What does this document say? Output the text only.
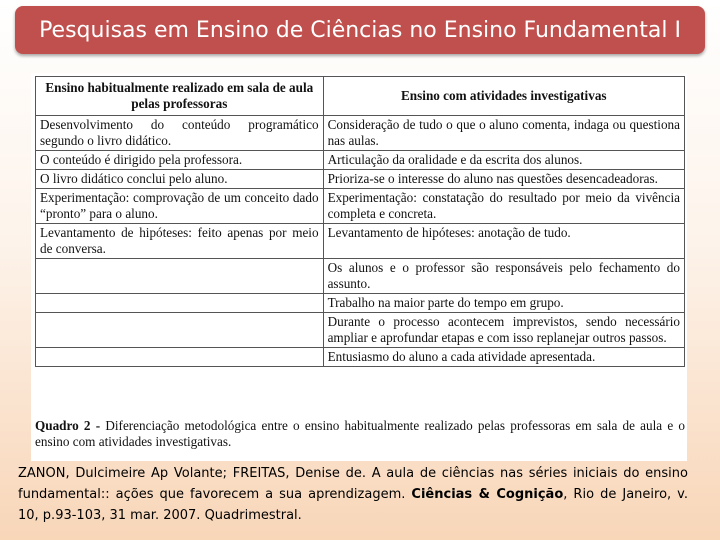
Pesquisas em Ensino de Ciências no Ensino Fundamental I
Ensino habitualmente realizado em sala de aula pelas professoras	Ensino com atividades investigativas
Desenvolvimento do conteúdo programático segundo o livro didático.	Consideração de tudo o que o aluno comenta, indaga ou questiona nas aulas.
O conteúdo é dirigido pela professora.	Articulação da oralidade e da escrita dos alunos.
O livro didático conclui pelo aluno.	Prioriza-se o interesse do aluno nas questões desencadeadoras.
Experimentação: comprovação de um conceito dado “pronto” para o aluno.	Experimentação: constatação do resultado por meio da vivência completa e concreta.
Levantamento de hipóteses: feito apenas por meio de conversa.	Levantamento de hipóteses: anotação de tudo.
	Os alunos e o professor são responsáveis pelo fechamento do assunto.
	Trabalho na maior parte do tempo em grupo.
	Durante o processo acontecem imprevistos, sendo necessário ampliar e aprofundar etapas e com isso replanejar outros passos.
	Entusiasmo do aluno a cada atividade apresentada.
Quadro 2 - Diferenciação metodológica entre o ensino habitualmente realizado pelas professoras em sala de aula e o ensino com atividades investigativas.
ZANON, Dulcimeire Ap Volante; FREITAS, Denise de. A aula de ciências nas séries iniciais do ensino fundamental:: ações que favorecem a sua aprendizagem. Ciências & Cognição, Rio de Janeiro, v. 10, p.93-103, 31 mar. 2007. Quadrimestral.
